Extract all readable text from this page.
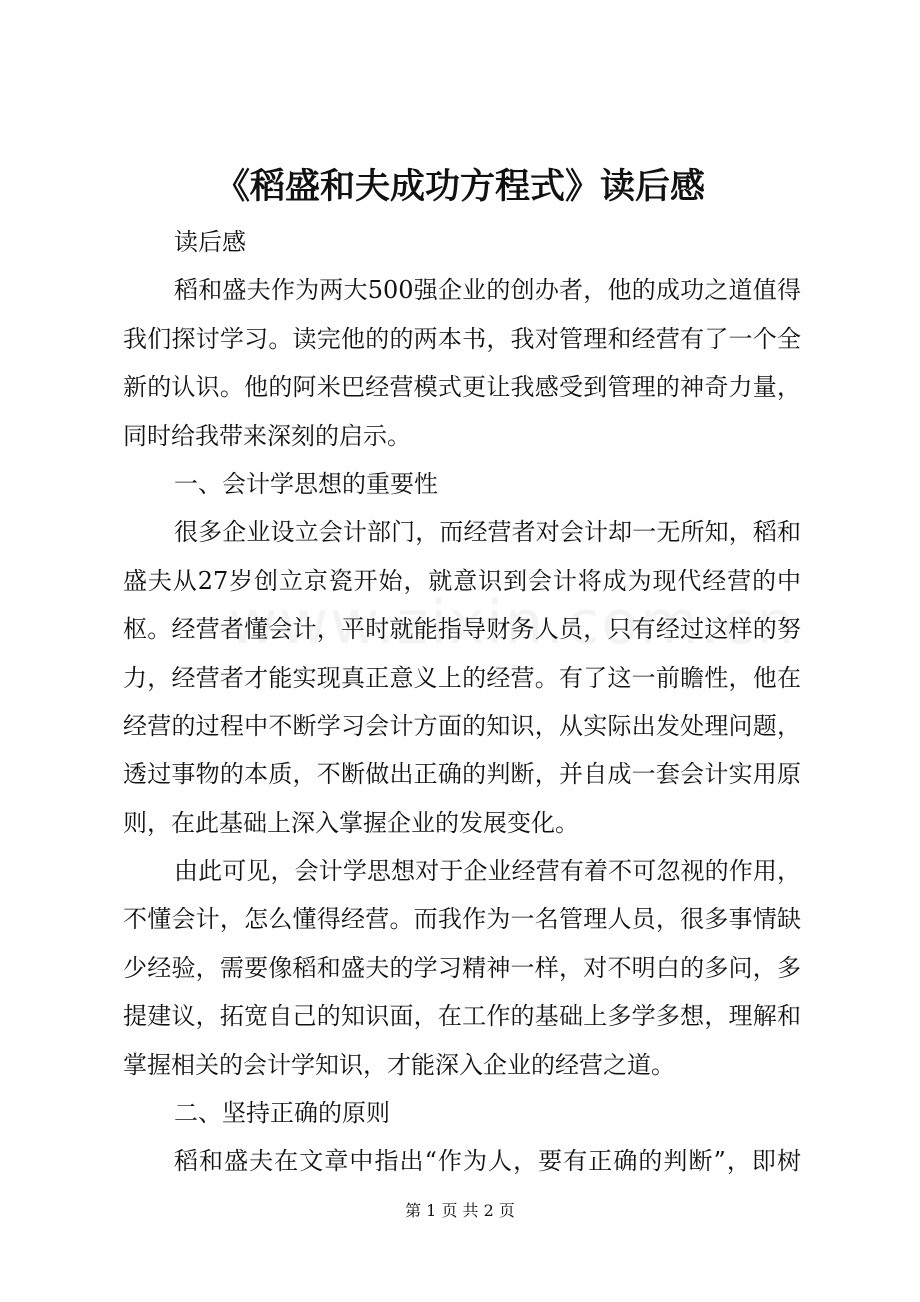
《稻盛和夫成功方程式》读后感
读后感
稻和盛夫作为两大500强企业的创办者，他的成功之道值得
我们探讨学习。读完他的的两本书，我对管理和经营有了一个全
新的认识。他的阿米巴经营模式更让我感受到管理的神奇力量，
同时给我带来深刻的启示。
一、会计学思想的重要性
很多企业设立会计部门，而经营者对会计却一无所知，稻和
盛夫从27岁创立京瓷开始，就意识到会计将成为现代经营的中
枢。经营者懂会计，平时就能指导财务人员，只有经过这样的努
力，经营者才能实现真正意义上的经营。有了这一前瞻性，他在
经营的过程中不断学习会计方面的知识，从实际出发处理问题，
透过事物的本质，不断做出正确的判断，并自成一套会计实用原
则，在此基础上深入掌握企业的发展变化。
由此可见，会计学思想对于企业经营有着不可忽视的作用，
不懂会计，怎么懂得经营。而我作为一名管理人员，很多事情缺
少经验，需要像稻和盛夫的学习精神一样，对不明白的多问，多
提建议，拓宽自己的知识面，在工作的基础上多学多想，理解和
掌握相关的会计学知识，才能深入企业的经营之道。
二、坚持正确的原则
稻和盛夫在文章中指出“作为人，要有正确的判断”，即树
第 1 页 共 2 页
